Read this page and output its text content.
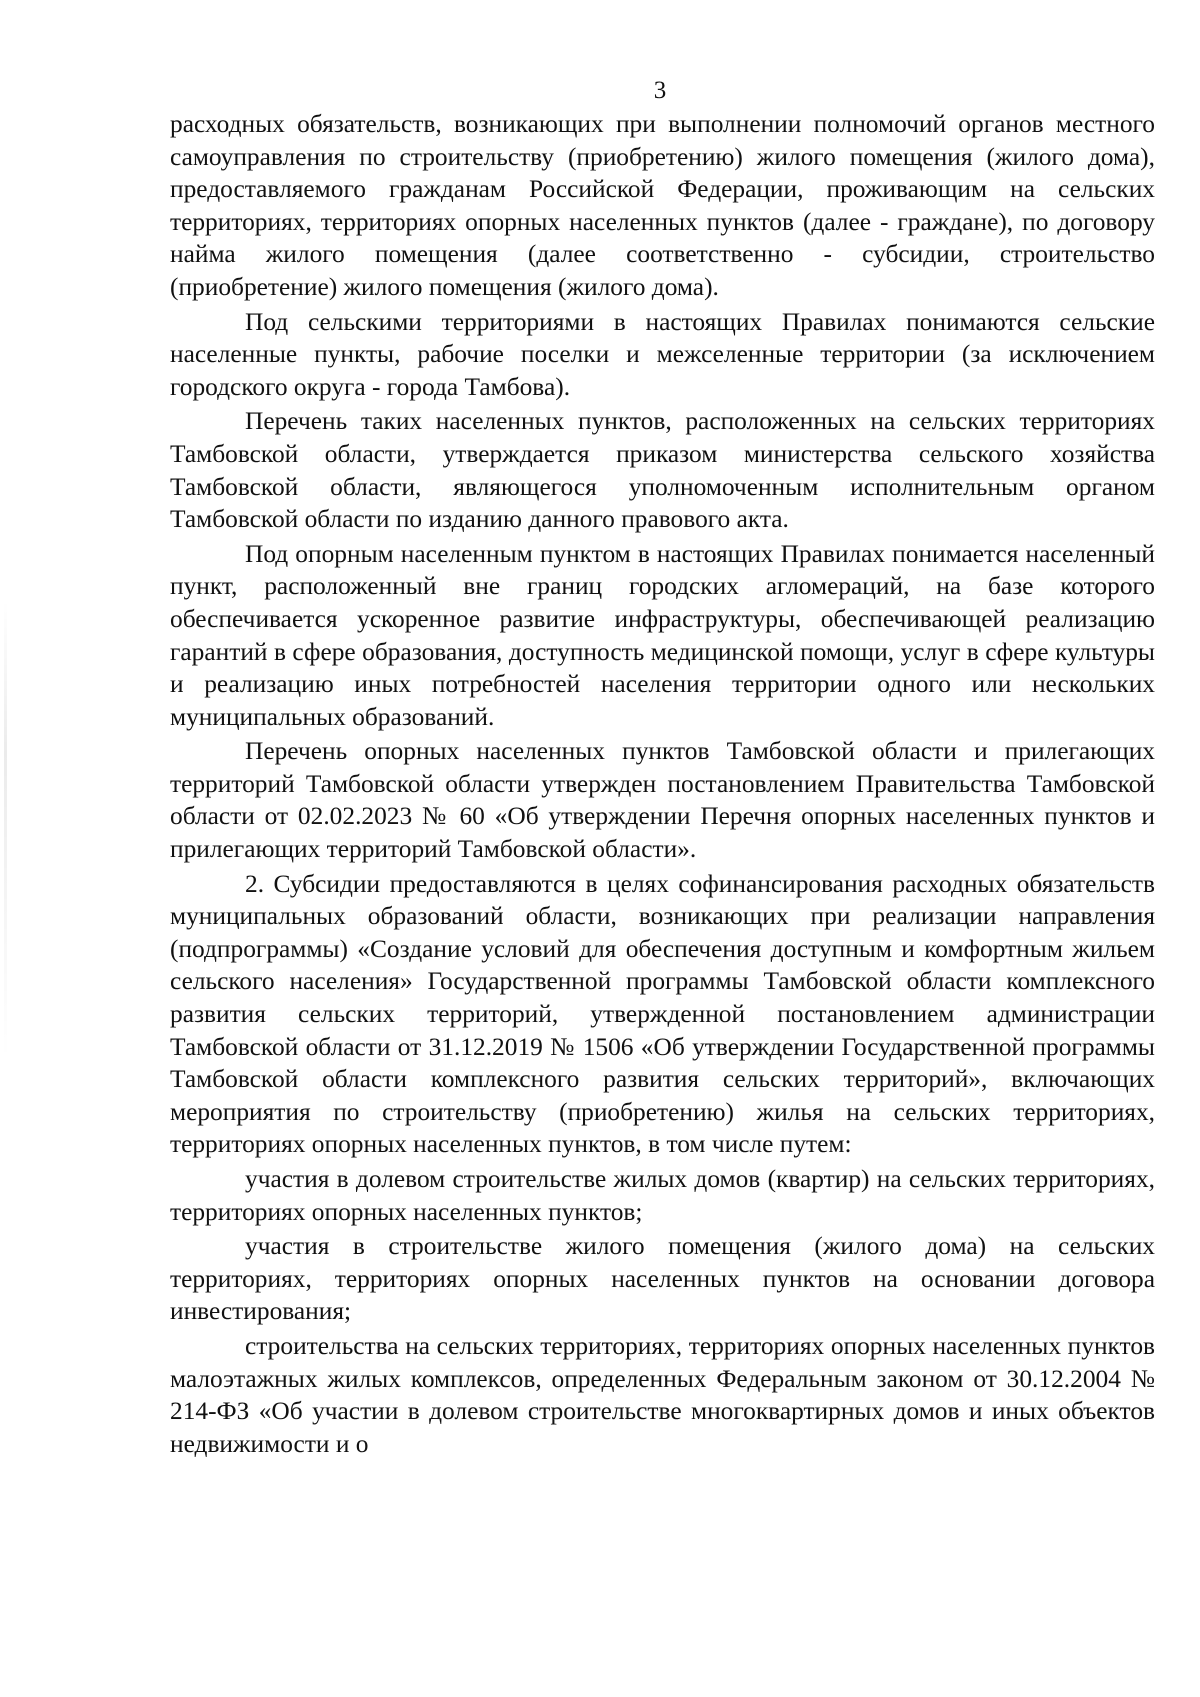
3

расходных обязательств, возникающих при выполнении полномочий органов местного самоуправления по строительству (приобретению) жилого помещения (жилого дома), предоставляемого гражданам Российской Федерации, проживающим на сельских территориях, территориях опорных населенных пунктов (далее - граждане), по договору найма жилого помещения (далее соответственно - субсидии, строительство (приобретение) жилого помещения (жилого дома).

Под сельскими территориями в настоящих Правилах понимаются сельские населенные пункты, рабочие поселки и межселенные территории (за исключением городского округа - города Тамбова).

Перечень таких населенных пунктов, расположенных на сельских территориях Тамбовской области, утверждается приказом министерства сельского хозяйства Тамбовской области, являющегося уполномоченным исполнительным органом Тамбовской области по изданию данного правового акта.

Под опорным населенным пунктом в настоящих Правилах понимается населенный пункт, расположенный вне границ городских агломераций, на базе которого обеспечивается ускоренное развитие инфраструктуры, обеспечивающей реализацию гарантий в сфере образования, доступность медицинской помощи, услуг в сфере культуры и реализацию иных потребностей населения территории одного или нескольких муниципальных образований.

Перечень опорных населенных пунктов Тамбовской области и прилегающих территорий Тамбовской области утвержден постановлением Правительства Тамбовской области от 02.02.2023 № 60 «Об утверждении Перечня опорных населенных пунктов и прилегающих территорий Тамбовской области».

2. Субсидии предоставляются в целях софинансирования расходных обязательств муниципальных образований области, возникающих при реализации направления (подпрограммы) «Создание условий для обеспечения доступным и комфортным жильем сельского населения» Государственной программы Тамбовской области комплексного развития сельских территорий, утвержденной постановлением администрации Тамбовской области от 31.12.2019 № 1506 «Об утверждении Государственной программы Тамбовской области комплексного развития сельских территорий», включающих мероприятия по строительству (приобретению) жилья на сельских территориях, территориях опорных населенных пунктов, в том числе путем:

участия в долевом строительстве жилых домов (квартир) на сельских территориях, территориях опорных населенных пунктов;

участия в строительстве жилого помещения (жилого дома) на сельских территориях, территориях опорных населенных пунктов на основании договора инвестирования;

строительства на сельских территориях, территориях опорных населенных пунктов малоэтажных жилых комплексов, определенных Федеральным законом от 30.12.2004 № 214-ФЗ «Об участии в долевом строительстве многоквартирных домов и иных объектов недвижимости и о
